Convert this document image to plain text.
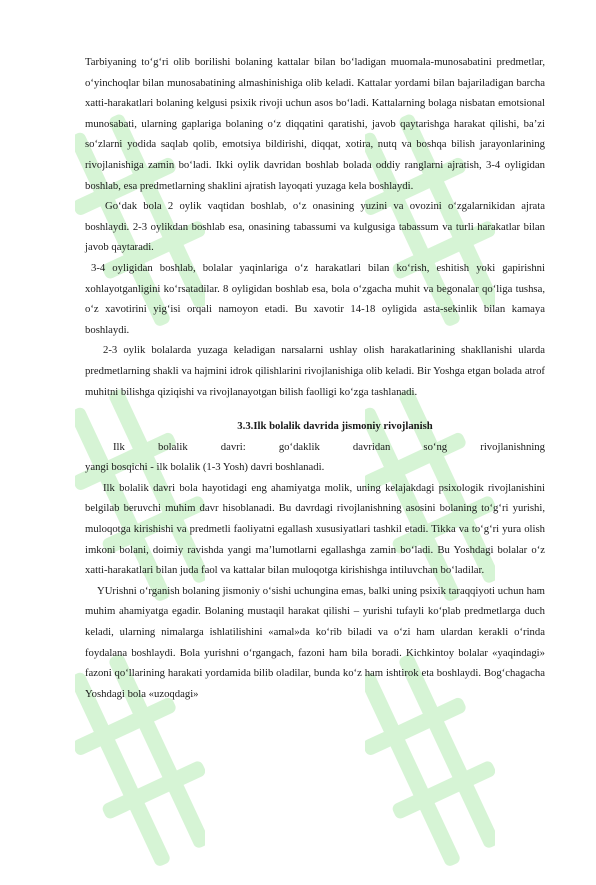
Tarbiyaning to‘g‘ri olib borilishi bolaning kattalar bilan bo‘ladigan muomala-munosabatini predmetlar, o‘yinchoqlar bilan munosabatining almashinishiga olib keladi. Kattalar yordami bilan bajariladigan barcha xatti-harakatlari bolaning kelgusi psixik rivoji uchun asos bo‘ladi. Kattalarning bolaga nisbatan emotsional munosabati, ularning gaplariga bolaning o‘z diqqatini qaratishi, javob qaytarishga harakat qilishi, ba’zi so‘zlarni yodida saqlab qolib, emotsiya bildirishi, diqqat, xotira, nutq va boshqa bilish jarayonlarining rivojlanishiga zamin bo‘ladi. Ikki oylik davridan boshlab bolada oddiy ranglarni ajratish, 3-4 oyligidan boshlab, esa predmetlarning shaklini ajratish layoqati yuzaga kela boshlaydi.

Go‘dak bola 2 oylik vaqtidan boshlab, o‘z onasining yuzini va ovozini o‘zgalarnikidan ajrata boshlaydi. 2-3 oylikdan boshlab esa, onasining tabassumi va kulgusiga tabassum va turli harakatlar bilan javob qaytaradi.

3-4 oyligidan boshlab, bolalar yaqinlariga o‘z harakatlari bilan ko‘rish, eshitish yoki gapirishni xohlayotganligini ko‘rsatadilar. 8 oyligidan boshlab esa, bola o‘zgacha muhit va begonalar qo‘liga tushsa, o‘z xavotirini yig‘isi orqali namoyon etadi. Bu xavotir 14-18 oyligida asta-sekinlik bilan kamaya boshlaydi.

2-3 oylik bolalarda yuzaga keladigan narsalarni ushlay olish harakatlarining shakllanishi ularda predmetlarning shakli va hajmini idrok qilishlarini rivojlanishiga olib keladi. Bir Yoshga etgan bolada atrof muhitni bilishga qiziqishi va rivojlanayotgan bilish faolligi ko‘zga tashlanadi.

3.3.Ilk bolalik davrida jismoniy rivojlanish

Ilk	bolalik	davri:	go‘daklik	davridan	so‘ng	rivojlanishning

yangi bosqichi - ilk bolalik (1-3 Yosh) davri boshlanadi.

Ilk bolalik davri bola hayotidagi eng ahamiyatga molik, uning kelajakdagi psixologik rivojlanishini belgilab beruvchi muhim davr hisoblanadi. Bu davrdagi rivojlanishning asosini bolaning to‘g‘ri yurishi, muloqotga kirishishi va predmetli faoliyatni egallash xususiyatlari tashkil etadi. Tikka va to‘g‘ri yura olish imkoni bolani, doimiy ravishda yangi ma’lumotlarni egallashga zamin bo‘ladi. Bu Yoshdagi bolalar o‘z xatti-harakatlari bilan juda faol va kattalar bilan muloqotga kirishishga intiluvchan bo‘ladilar.

YUrishni o‘rganish bolaning jismoniy o‘sishi uchungina emas, balki uning psixik taraqqiyoti uchun ham muhim ahamiyatga egadir. Bolaning mustaqil harakat qilishi – yurishi tufayli ko‘plab predmetlarga duch keladi, ularning nimalarga ishlatilishini «amal»da ko‘rib biladi va o‘zi ham ulardan kerakli o‘rinda foydalana boshlaydi. Bola yurishni o‘rgangach, fazoni ham bila boradi. Kichkintoy bolalar «yaqindagi» fazoni qo‘llarining harakati yordamida bilib oladilar, bunda ko‘z ham ishtirok eta boshlaydi. Bog‘chagacha Yoshdagi bola «uzoqdagi»
